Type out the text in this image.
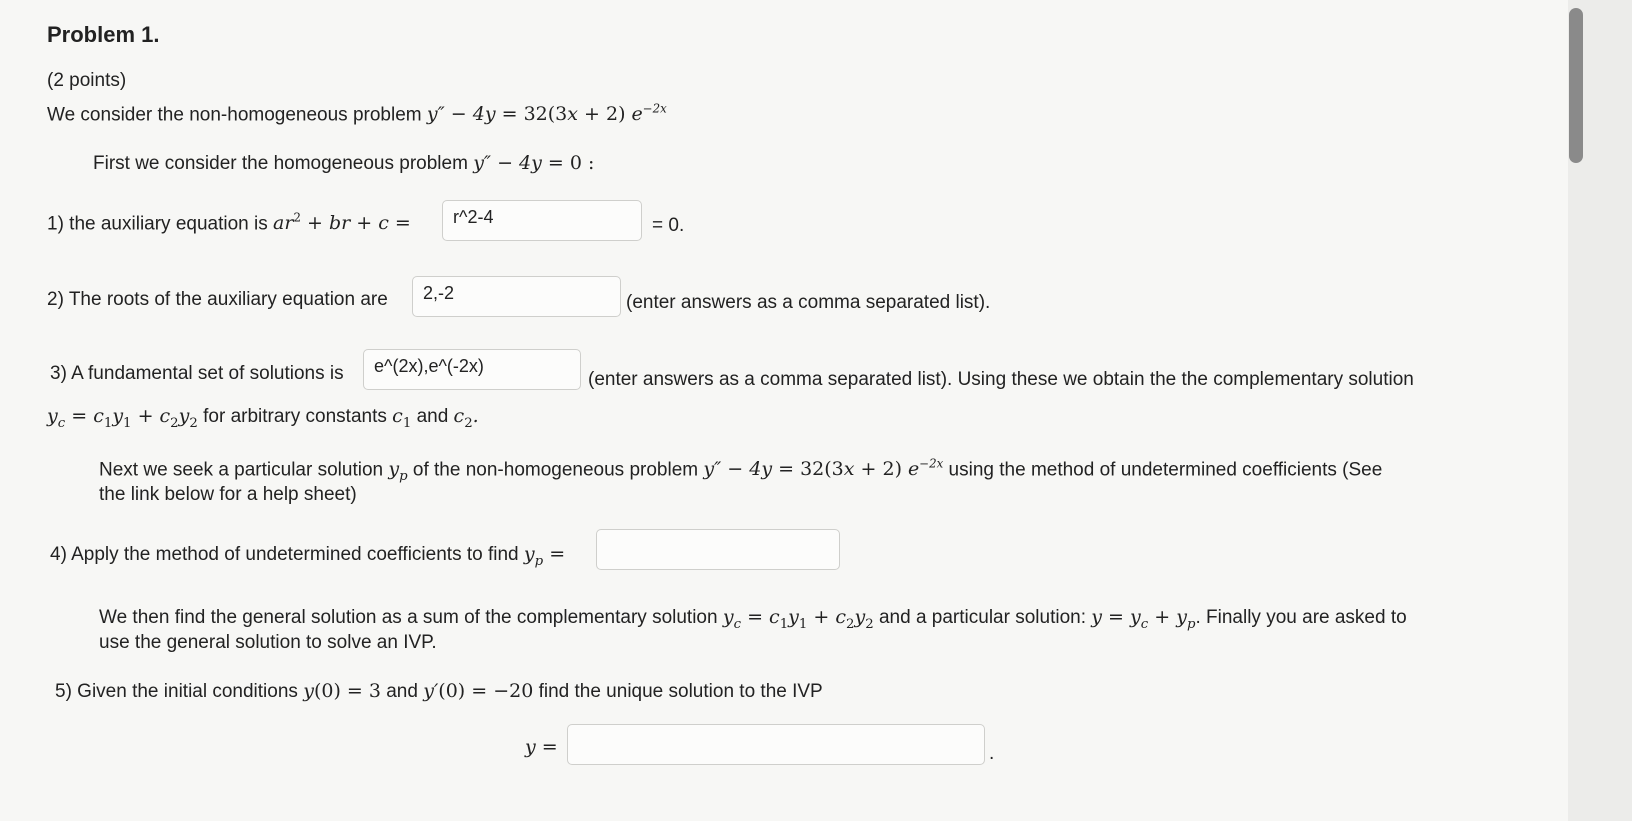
Problem 1.
(2 points)
We consider the non-homogeneous problem y″ − 4y = 32(3x + 2) $e^{-2x}$
First we consider the homogeneous problem y″ − 4y = 0 :
1) the auxiliary equation is $ar^2$ + br + c =	r^2-4	= 0.
2) The roots of the auxiliary equation are	2,-2	(enter answers as a comma separated list).
3) A fundamental set of solutions is	e^(2x),e^(-2x)
(enter answers as a comma separated list). Using these we obtain the the complementary solution
$y_c = c_1y_1 + c_2y_2$ for arbitrary constants $c_1$ and $c_2$.
Next we seek a particular solution $y_p$ of the non-homogeneous problem y″ − 4y = 32(3x + 2) $e^{-2x}$ using the method of undetermined coefficients (See
the link below for a help sheet)
4) Apply the method of undetermined coefficients to find $y_p$ =
We then find the general solution as a sum of the complementary solution $y_c = c_1y_1 + c_2y_2$ and a particular solution: $y = y_c + y_p$. Finally you are asked to
use the general solution to solve an IVP.
5) Given the initial conditions y(0) = 3 and y′(0) = −20 find the unique solution to the IVP
y =	.
